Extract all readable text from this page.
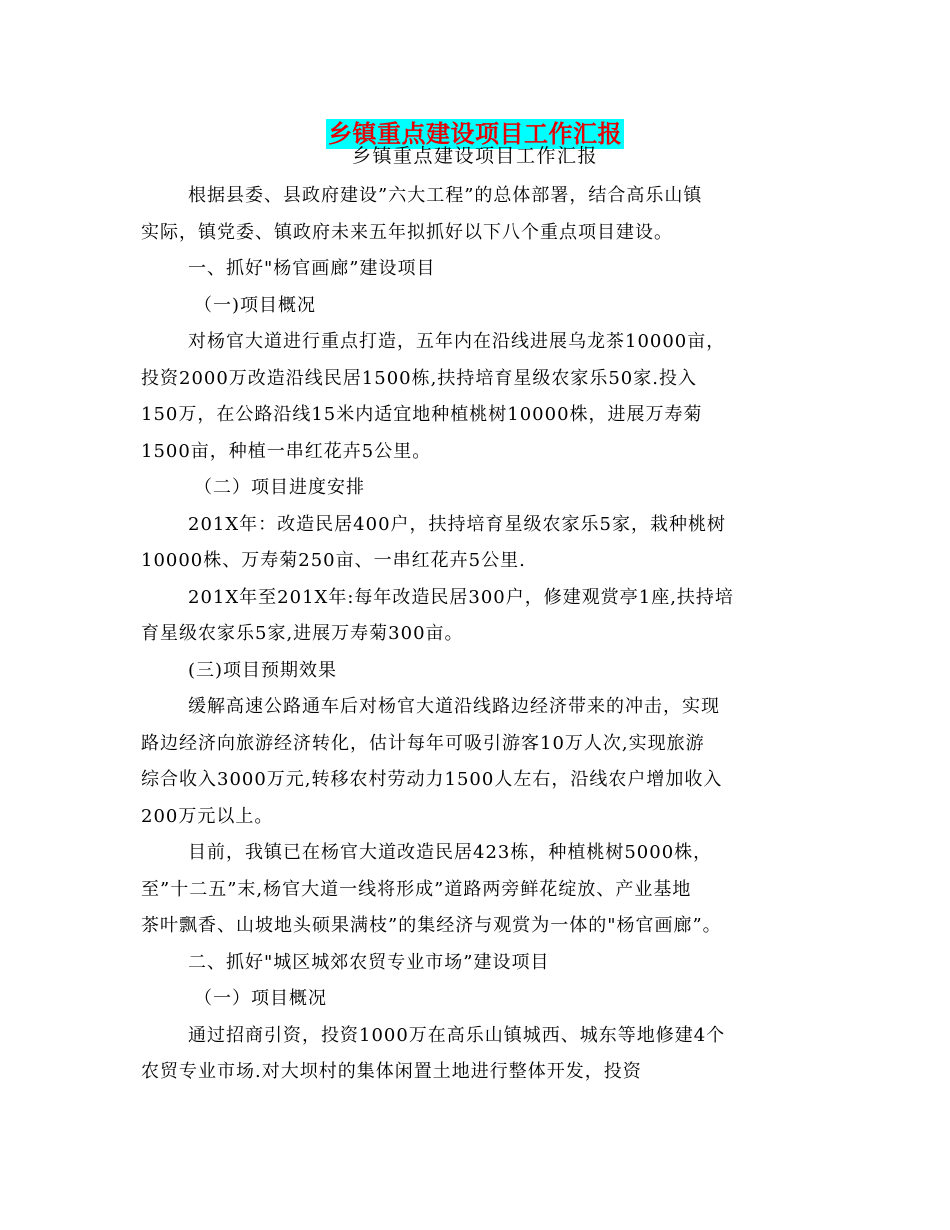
乡镇重点建设项目工作汇报
乡镇重点建设项目工作汇报
根据县委、县政府建设”六大工程”的总体部署，结合高乐山镇
实际，镇党委、镇政府未来五年拟抓好以下八个重点项目建设。
一、抓好"杨官画廊”建设项目
（一)项目概况
对杨官大道进行重点打造，五年内在沿线进展乌龙茶10000亩，
投资2000万改造沿线民居1500栋,扶持培育星级农家乐50家.投入
150万，在公路沿线15米内适宜地种植桃树10000株，进展万寿菊
1500亩，种植一串红花卉5公里。
（二）项目进度安排
201X年：改造民居400户，扶持培育星级农家乐5家，栽种桃树
10000株、万寿菊250亩、一串红花卉5公里.
201X年至201X年:每年改造民居300户，修建观赏亭1座,扶持培
育星级农家乐5家,进展万寿菊300亩。
(三)项目预期效果
缓解高速公路通车后对杨官大道沿线路边经济带来的冲击，实现
路边经济向旅游经济转化，估计每年可吸引游客10万人次,实现旅游
综合收入3000万元,转移农村劳动力1500人左右，沿线农户增加收入
200万元以上。
目前，我镇已在杨官大道改造民居423栋，种植桃树5000株，
至”十二五”末,杨官大道一线将形成”道路两旁鲜花绽放、产业基地
茶叶飘香、山坡地头硕果满枝”的集经济与观赏为一体的"杨官画廊”。
二、抓好"城区城郊农贸专业市场”建设项目
（一）项目概况
通过招商引资，投资1000万在高乐山镇城西、城东等地修建4个
农贸专业市场.对大坝村的集体闲置土地进行整体开发，投资
